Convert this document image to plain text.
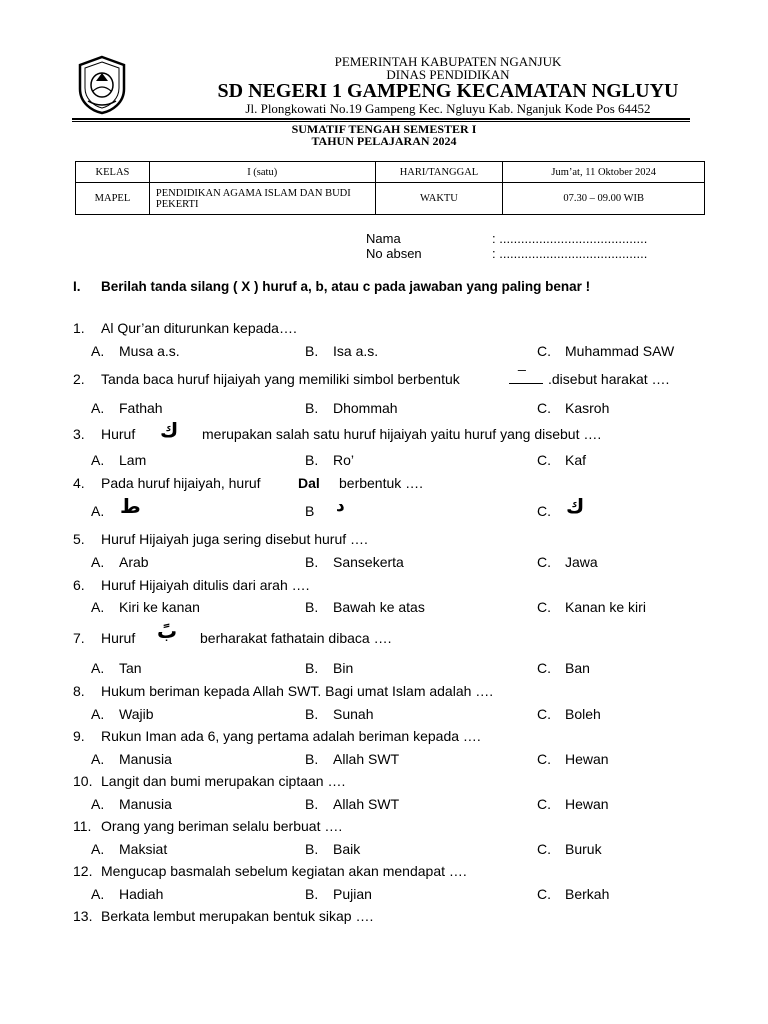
PEMERINTAH KABUPATEN NGANJUK
DINAS PENDIDIKAN
SD NEGERI 1 GAMPENG KECAMATAN NGLUYU
Jl. Plongkowati No.19 Gampeng Kec. Ngluyu Kab. Nganjuk Kode Pos 64452
SUMATIF TENGAH SEMESTER I
TAHUN PELAJARAN 2024
KELAS	I (satu)	HARI/TANGGAL	Jum’at, 11 Oktober 2024
MAPEL	PENDIDIKAN AGAMA ISLAM DAN BUDI PEKERTI	WAKTU	07.30 – 09.00 WIB
Nama	: .........................................
No absen	: .........................................
I. Berilah tanda silang ( X ) huruf a, b, atau c pada jawaban yang paling benar !
1. Al Qur’an diturunkan kepada….
A. Musa a.s.	B. Isa a.s.	C. Muhammad SAW
2. Tanda baca huruf hijaiyah yang memiliki simbol berbentuk
_
.disebut harakat ….
A. Fathah	B. Dhommah	C. Kasroh
3. Huruf ك merupakan salah satu huruf hijaiyah yaitu huruf yang disebut ….
A. Lam	B. Ro’	C. Kaf
4. Pada huruf hijaiyah, huruf	Dal berbentuk ….
A. ط	B د	C. ك
5. Huruf Hijaiyah juga sering disebut huruf ….
A. Arab	B. Sansekerta	C. Jawa
6. Huruf Hijaiyah ditulis dari arah ….
A. Kiri ke kanan	B. Bawah ke atas	C. Kanan ke kiri
7. Huruf بً berharakat fathatain dibaca ….
A. Tan	B. Bin	C. Ban
8. Hukum beriman kepada Allah SWT. Bagi umat Islam adalah ….
A. Wajib	B. Sunah	C. Boleh
9. Rukun Iman ada 6, yang pertama adalah beriman kepada ….
A. Manusia	B. Allah SWT	C. Hewan
10. Langit dan bumi merupakan ciptaan ….
A. Manusia	B. Allah SWT	C. Hewan
11. Orang yang beriman selalu berbuat ….
A. Maksiat	B. Baik	C. Buruk
12. Mengucap basmalah sebelum kegiatan akan mendapat ….
A. Hadiah	B. Pujian	C. Berkah
13. Berkata lembut merupakan bentuk sikap ….
